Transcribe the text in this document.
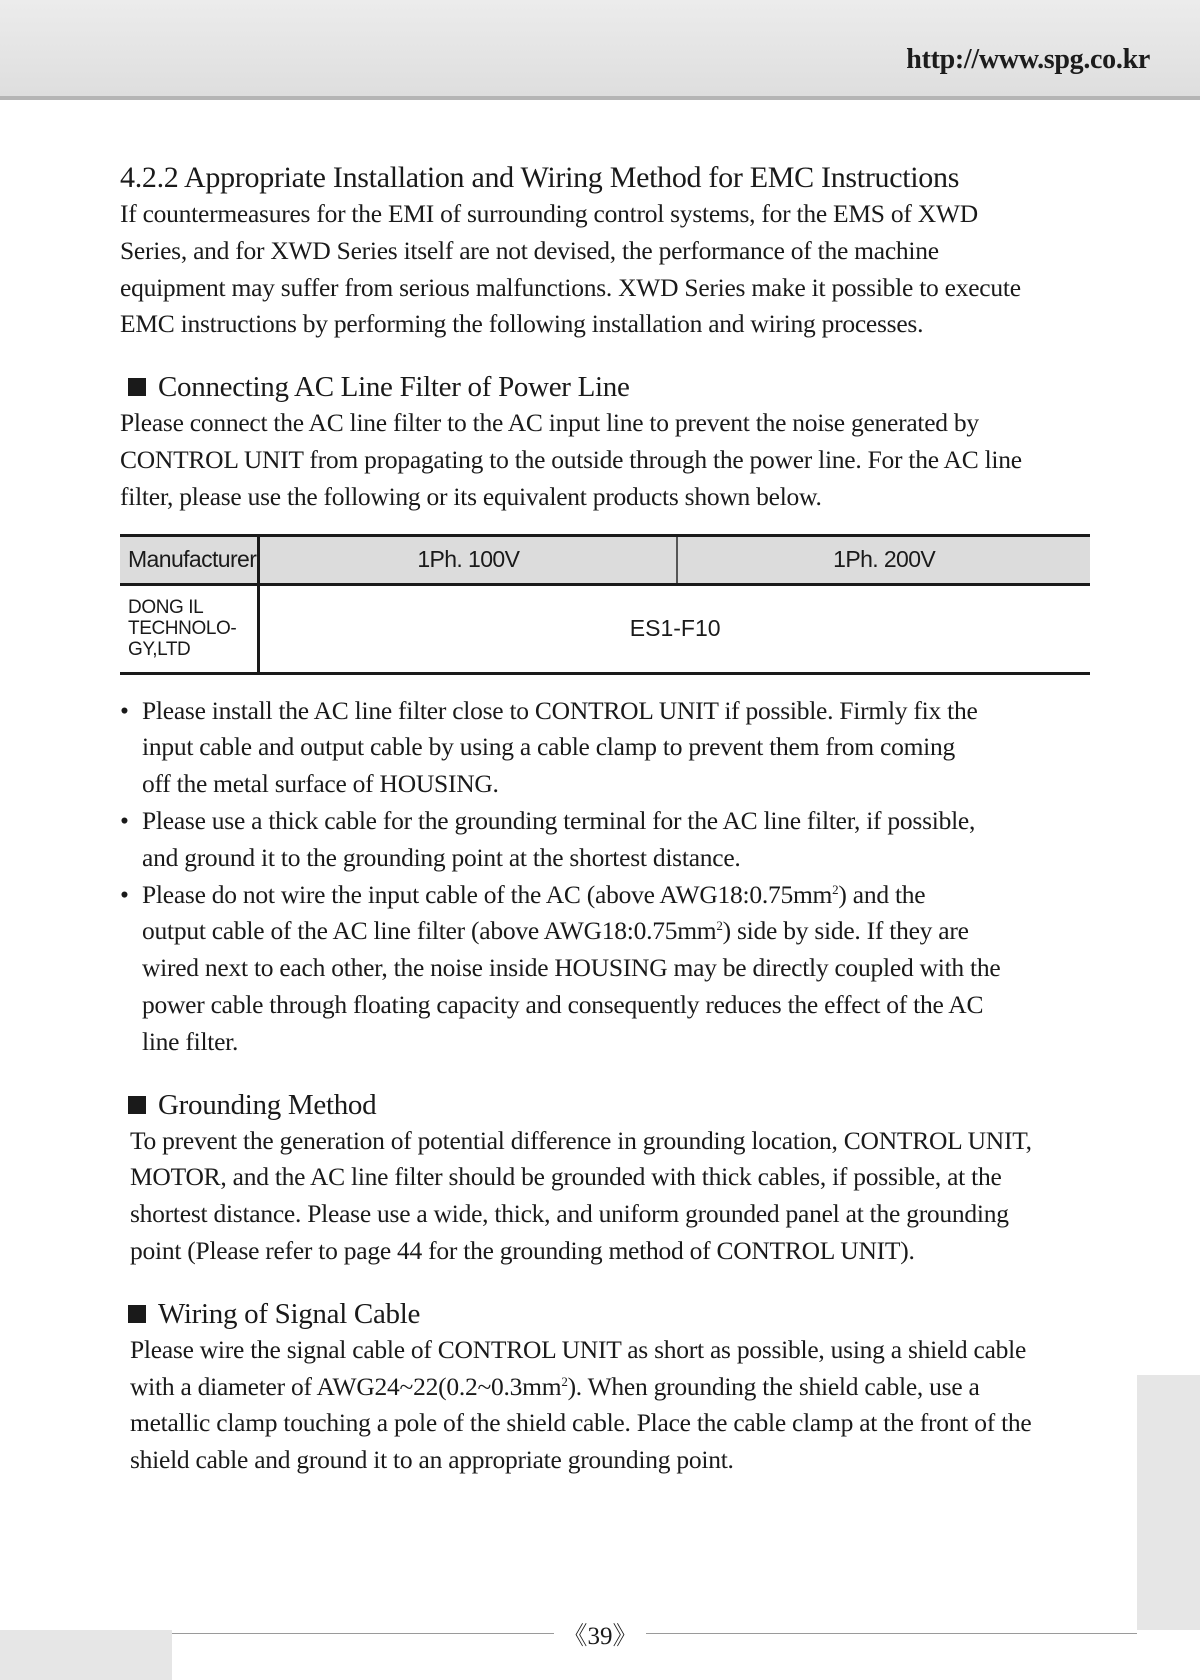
http://www.spg.co.kr

4.2.2 Appropriate Installation and Wiring Method for EMC Instructions

If countermeasures for the EMI of surrounding control systems, for the EMS of XWD
Series, and for XWD Series itself are not devised, the performance of the machine
equipment may suffer from serious malfunctions. XWD Series make it possible to execute
EMC instructions by performing the following installation and wiring processes.
Connecting AC Line Filter of Power Line
Please connect the AC line filter to the AC input line to prevent the noise generated by
CONTROL UNIT from propagating to the outside through the power line. For the AC line
filter, please use the following or its equivalent products shown below.
Manufacturer	1Ph. 100V	1Ph. 200V

DONG IL
TECHNOLO-
GY,LTD	ES1-F10	
• Please install the AC line filter close to CONTROL UNIT if possible. Firmly fix the
input cable and output cable by using a cable clamp to prevent them from coming
off the metal surface of HOUSING.
• Please use a thick cable for the grounding terminal for the AC line filter, if possible,
and ground it to the grounding point at the shortest distance.
• Please do not wire the input cable of the AC (above $AWG18:0.75mm^2$) and the
output cable of the AC line filter (above $AWG18:0.75mm^2$) side by side. If they are
wired next to each other, the noise inside HOUSING may be directly coupled with the
power cable through floating capacity and consequently reduces the effect of the AC
line filter.
Grounding Method
To prevent the generation of potential difference in grounding location, CONTROL UNIT,
MOTOR, and the AC line filter should be grounded with thick cables, if possible, at the
shortest distance. Please use a wide, thick, and uniform grounded panel at the grounding
point (Please refer to page 44 for the grounding method of CONTROL UNIT).
Wiring of Signal Cable
Please wire the signal cable of CONTROL UNIT as short as possible, using a shield cable
with a diameter of $AWG24\sim 22(0.2\sim 0.3mm^2)$. When grounding the shield cable, use a
metallic clamp touching a pole of the shield cable. Place the cable clamp at the front of the
shield cable and ground it to an appropriate grounding point.
《39》
